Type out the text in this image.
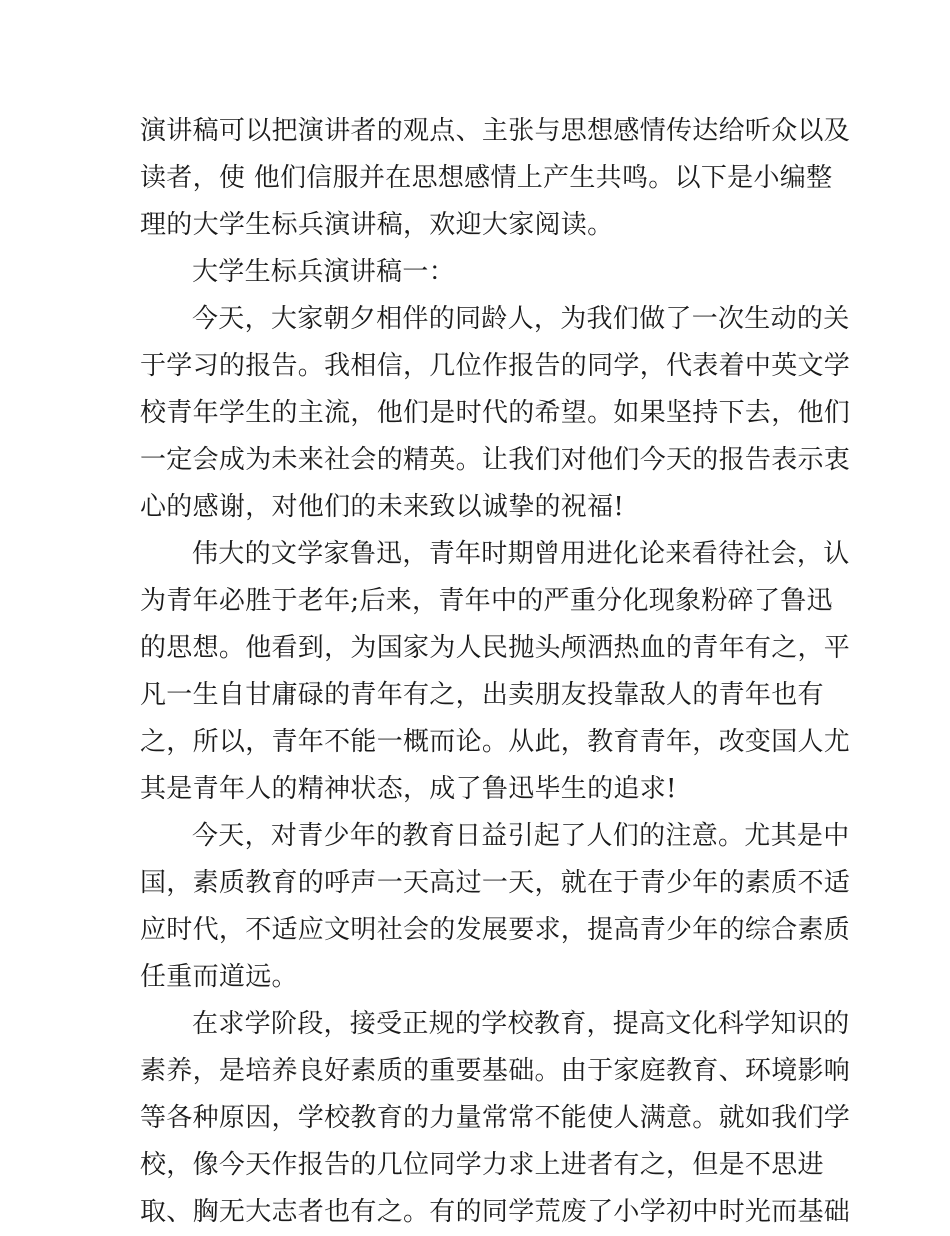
演讲稿可以把演讲者的观点、主张与思想感情传达给听众以及
读者，使 他们信服并在思想感情上产生共鸣。以下是小编整
理的大学生标兵演讲稿，欢迎大家阅读。
大学生标兵演讲稿一：
今天，大家朝夕相伴的同龄人，为我们做了一次生动的关
于学习的报告。我相信，几位作报告的同学，代表着中英文学
校青年学生的主流，他们是时代的希望。如果坚持下去，他们
一定会成为未来社会的精英。让我们对他们今天的报告表示衷
心的感谢，对他们的未来致以诚挚的祝福!
伟大的文学家鲁迅，青年时期曾用进化论来看待社会，认
为青年必胜于老年;后来，青年中的严重分化现象粉碎了鲁迅
的思想。他看到，为国家为人民抛头颅洒热血的青年有之，平
凡一生自甘庸碌的青年有之，出卖朋友投靠敌人的青年也有
之，所以，青年不能一概而论。从此，教育青年，改变国人尤
其是青年人的精神状态，成了鲁迅毕生的追求!
今天，对青少年的教育日益引起了人们的注意。尤其是中
国，素质教育的呼声一天高过一天，就在于青少年的素质不适
应时代，不适应文明社会的发展要求，提高青少年的综合素质
任重而道远。
在求学阶段，接受正规的学校教育，提高文化科学知识的
素养，是培养良好素质的重要基础。由于家庭教育、环境影响
等各种原因，学校教育的力量常常不能使人满意。就如我们学
校，像今天作报告的几位同学力求上进者有之，但是不思进
取、胸无大志者也有之。有的同学荒废了小学初中时光而基础
